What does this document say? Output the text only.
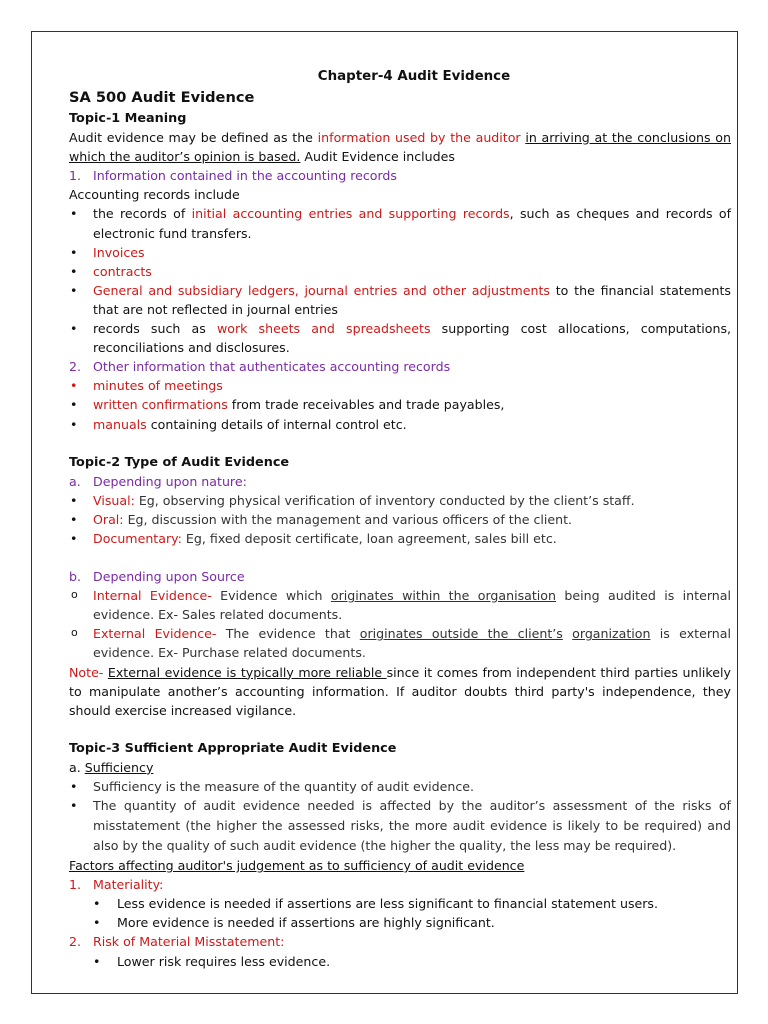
Chapter-4 Audit Evidence

SA 500 Audit Evidence

Topic-1 Meaning

Audit evidence may be defined as the information used by the auditor in arriving at the conclusions on which the auditor’s opinion is based. Audit Evidence includes

1. Information contained in the accounting records

Accounting records include

• the records of initial accounting entries and supporting records, such as cheques and records of electronic fund transfers.
• Invoices
• contracts
• General and subsidiary ledgers, journal entries and other adjustments to the financial statements that are not reflected in journal entries
• records such as work sheets and spreadsheets supporting cost allocations, computations, reconciliations and disclosures.

2. Other information that authenticates accounting records

• minutes of meetings
• written confirmations from trade receivables and trade payables,
• manuals containing details of internal control etc.

Topic-2 Type of Audit Evidence

a. Depending upon nature:

• Visual: Eg, observing physical verification of inventory conducted by the client’s staff.
• Oral: Eg, discussion with the management and various officers of the client.
• Documentary: Eg, fixed deposit certificate, loan agreement, sales bill etc.

b. Depending upon Source

o Internal Evidence- Evidence which originates within the organisation being audited is internal evidence. Ex- Sales related documents.
o External Evidence- The evidence that originates outside the client’s organization is external evidence. Ex- Purchase related documents.

Note- External evidence is typically more reliable since it comes from independent third parties unlikely to manipulate another’s accounting information. If auditor doubts third party's independence, they should exercise increased vigilance.

Topic-3 Sufficient Appropriate Audit Evidence

a. Sufficiency

• Sufficiency is the measure of the quantity of audit evidence.
• The quantity of audit evidence needed is affected by the auditor’s assessment of the risks of misstatement (the higher the assessed risks, the more audit evidence is likely to be required) and also by the quality of such audit evidence (the higher the quality, the less may be required).

Factors affecting auditor's judgement as to sufficiency of audit evidence

1. Materiality:

• Less evidence is needed if assertions are less significant to financial statement users.
• More evidence is needed if assertions are highly significant.

2. Risk of Material Misstatement:

• Lower risk requires less evidence.
